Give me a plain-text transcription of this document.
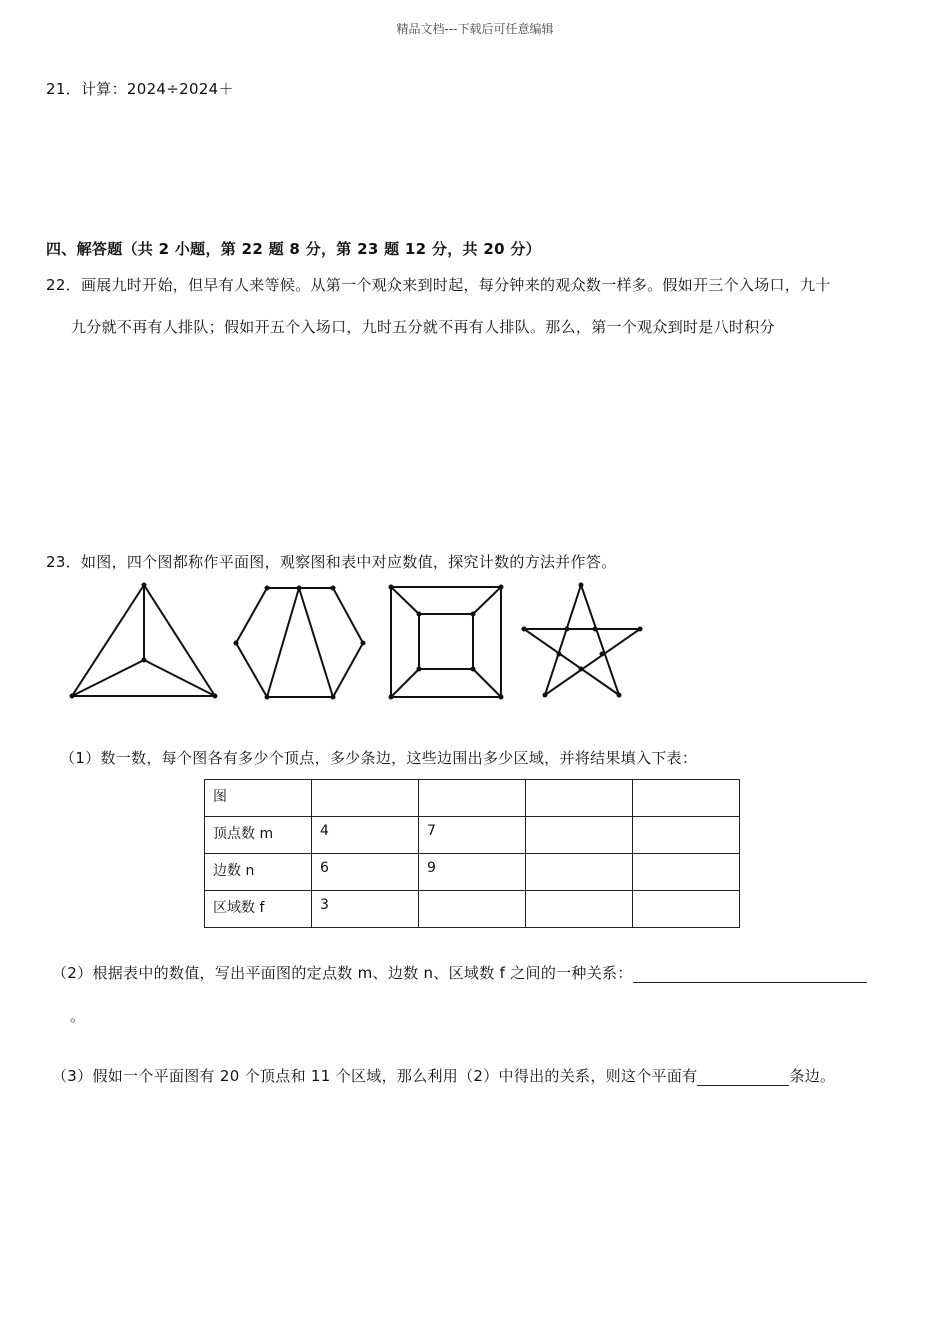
精品文档---下载后可任意编辑
21．计算：2024÷2024＋
四、解答题（共 2 小题，第 22 题 8 分，第 23 题 12 分，共 20 分）
22．画展九时开始，但早有人来等候。从第一个观众来到时起，每分钟来的观众数一样多。假如开三个入场口，九十
九分就不再有人排队；假如开五个入场口，九时五分就不再有人排队。那么，第一个观众到时是八时积分
23．如图，四个图都称作平面图，观察图和表中对应数值，探究计数的方法并作答。
（1）数一数，每个图各有多少个顶点，多少条边，这些边围出多少区域，并将结果填入下表：
图				
顶点数 m	4	7		
边数 n	6	9		
区域数 f	3			
（2）根据表中的数值，写出平面图的定点数 m、边数 n、区域数 f 之间的一种关系：
。
（3）假如一个平面图有 20 个顶点和 11 个区域，那么利用（2）中得出的关系，则这个平面有	条边。
